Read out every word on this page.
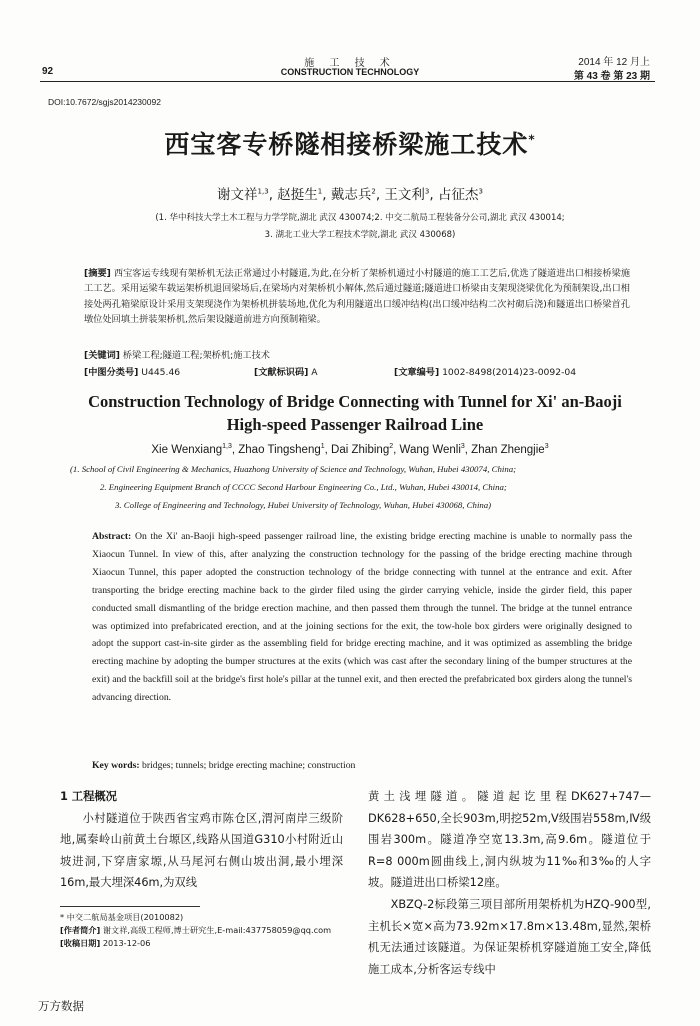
施 工 技 术
CONSTRUCTION TECHNOLOGY
92
2014 年 12 月上
第 43 卷 第 23 期
DOI:10.7672/sgjs2014230092
西宝客专桥隧相接桥梁施工技术*
谢文祥$^{1,3}$, 赵挺生$^1$, 戴志兵$^2$, 王文利$^3$, 占征杰$^3$
(1. 华中科技大学土木工程与力学学院,湖北 武汉 430074;2. 中交二航局工程装备分公司,湖北 武汉 430014;
3. 湖北工业大学工程技术学院,湖北 武汉 430068)
[摘要] 西宝客运专线现有架桥机无法正常通过小村隧道,为此,在分析了架桥机通过小村隧道的施工工艺后,优选了隧道进出口相接桥梁施工工艺。采用运梁车载运架桥机退回梁场后,在梁场内对架桥机小解体,然后通过隧道;隧道进口桥梁由支架现浇梁优化为预制架设,出口相接处两孔箱梁原设计采用支架现浇作为架桥机拼装场地,优化为利用隧道出口缓冲结构(出口缓冲结构二次衬砌后浇)和隧道出口桥梁首孔墩位处回填土拼装架桥机,然后架设隧道前进方向预制箱梁。
[关键词] 桥梁工程;隧道工程;架桥机;施工技术
[中图分类号] U445.46	[文献标识码] A	[文章编号] 1002-8498(2014)23-0092-04
Construction Technology of Bridge Connecting with Tunnel for Xi' an-Baoji
High-speed Passenger Railroad Line
Xie Wenxiang$^{1,3}$, Zhao Tingsheng$^1$, Dai Zhibing$^2$, Wang Wenli$^3$, Zhan Zhengjie$^3$
(1. School of Civil Engineering & Mechanics, Huazhong University of Science and Technology, Wuhan, Hubei 430074, China;
2. Engineering Equipment Branch of CCCC Second Harbour Engineering Co., Ltd., Wuhan, Hubei 430014, China;
3. College of Engineering and Technology, Hubei University of Technology, Wuhan, Hubei 430068, China)
Abstract: On the Xi' an-Baoji high-speed passenger railroad line, the existing bridge erecting machine is unable to normally pass the Xiaocun Tunnel. In view of this, after analyzing the construction technology for the passing of the bridge erecting machine through Xiaocun Tunnel, this paper adopted the construction technology of the bridge connecting with tunnel at the entrance and exit. After transporting the bridge erecting machine back to the girder filed using the girder carrying vehicle, inside the girder field, this paper conducted small dismantling of the bridge erection machine, and then passed them through the tunnel. The bridge at the tunnel entrance was optimized into prefabricated erection, and at the joining sections for the exit, the tow-hole box girders were originally designed to adopt the support cast-in-site girder as the assembling field for bridge erecting machine, and it was optimized as assembling the bridge erecting machine by adopting the bumper structures at the exits (which was cast after the secondary lining of the bumper structures at the exit) and the backfill soil at the bridge's first hole's pillar at the tunnel exit, and then erected the prefabricated box girders along the tunnel's advancing direction.
Key words: bridges; tunnels; bridge erecting machine; construction
1 工程概况
小村隧道位于陕西省宝鸡市陈仓区,渭河南岸三级阶地,属秦岭山前黄土台塬区,线路从国道G310小村附近山坡进洞,下穿唐家塬,从马尾河右侧山坡出洞,最小埋深16m,最大埋深46m,为双线
黄土浅埋隧道。隧道起讫里程DK627+747—DK628+650,全长903m,明挖52m,V级围岩558m,Ⅳ级围岩300m。隧道净空宽13.3m,高9.6m。隧道位于R=8 000m圆曲线上,洞内纵坡为11‰和3‰的人字坡。隧道进出口桥梁12座。
XBZQ-2标段第三项目部所用架桥机为HZQ-900型,主机长×宽×高为73.92m×17.8m×13.48m,显然,架桥机无法通过该隧道。为保证架桥机穿隧道施工安全,降低施工成本,分析客运专线中
* 中交二航局基金项目(2010082)
[作者简介] 谢文祥,高级工程师,博士研究生,E-mail:437758059@qq.com
[收稿日期] 2013-12-06
万方数据
